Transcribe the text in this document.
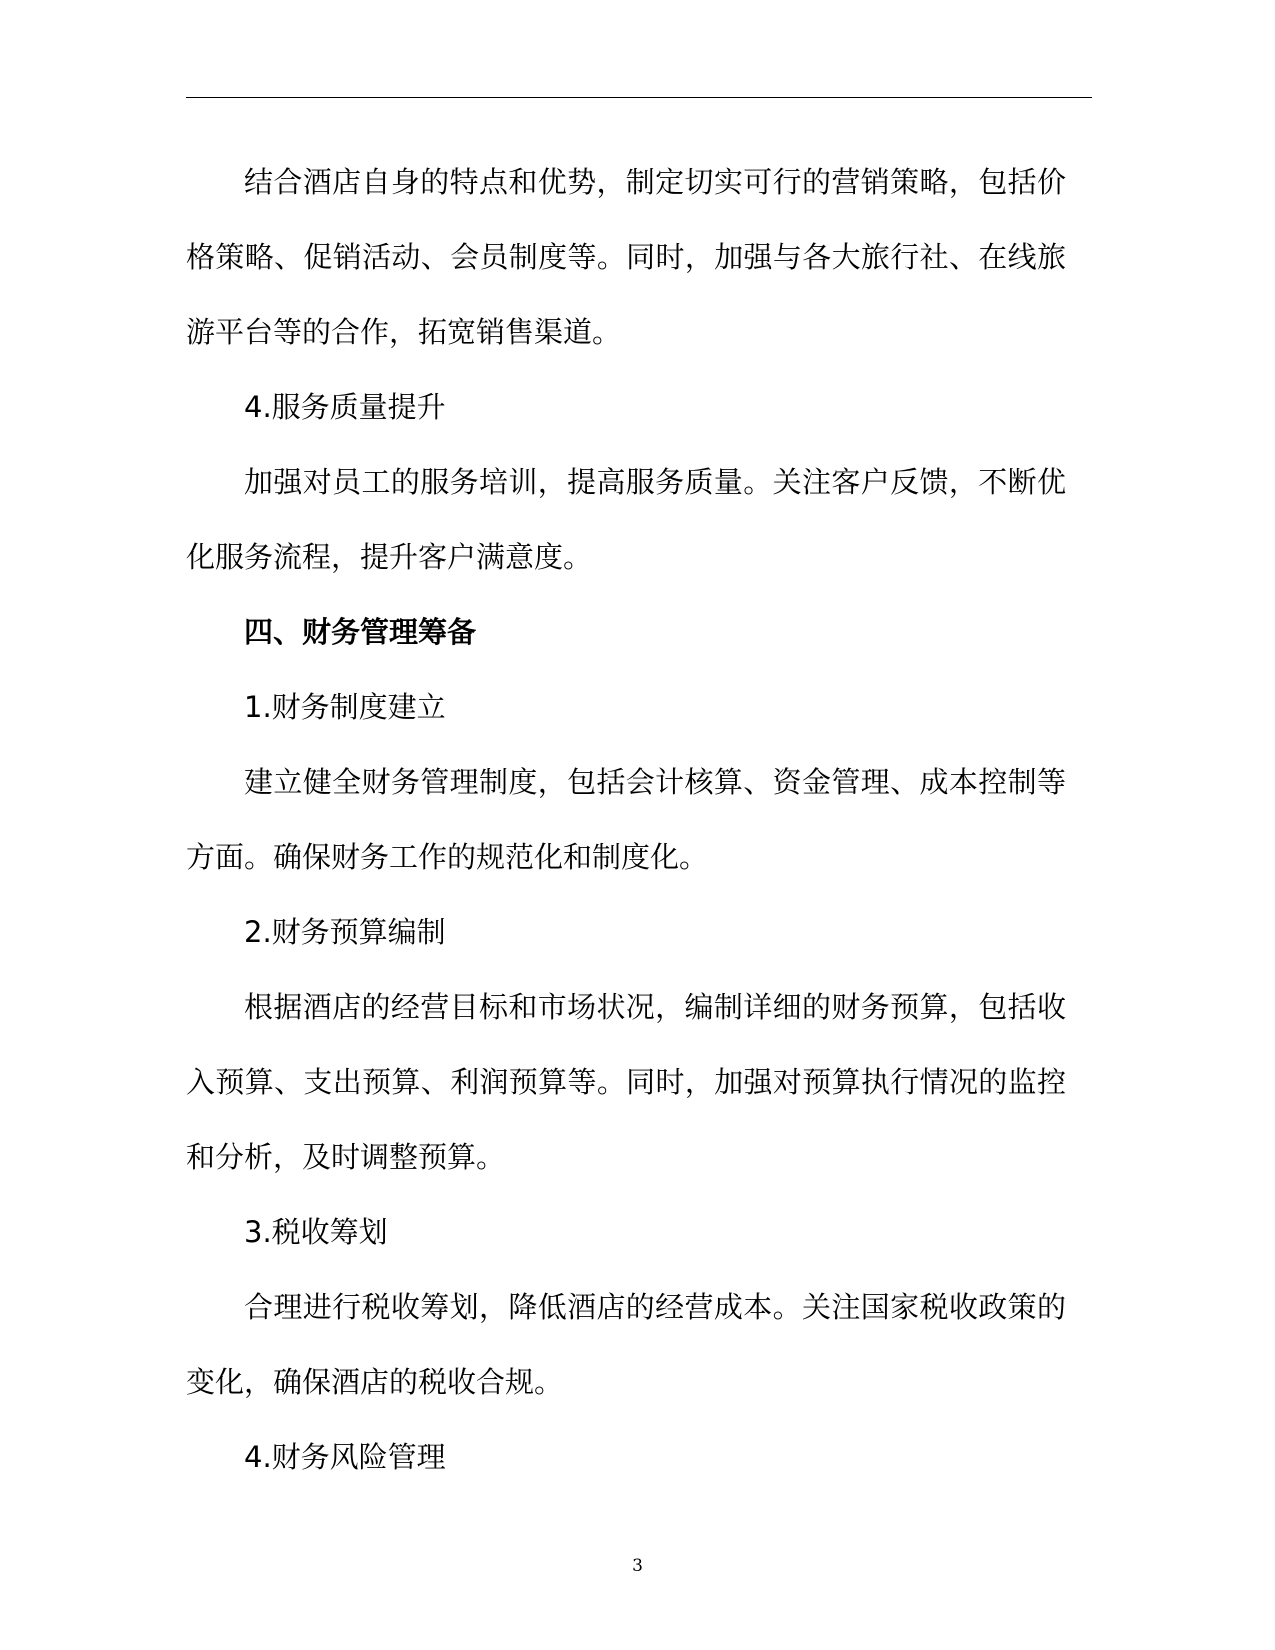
结合酒店自身的特点和优势，制定切实可行的营销策略，包括价格策略、促销活动、会员制度等。同时，加强与各大旅行社、在线旅游平台等的合作，拓宽销售渠道。

4.服务质量提升

加强对员工的服务培训，提高服务质量。关注客户反馈，不断优化服务流程，提升客户满意度。

四、财务管理筹备

1.财务制度建立

建立健全财务管理制度，包括会计核算、资金管理、成本控制等方面。确保财务工作的规范化和制度化。

2.财务预算编制

根据酒店的经营目标和市场状况，编制详细的财务预算，包括收入预算、支出预算、利润预算等。同时，加强对预算执行情况的监控和分析，及时调整预算。

3.税收筹划

合理进行税收筹划，降低酒店的经营成本。关注国家税收政策的变化，确保酒店的税收合规。

4.财务风险管理

3
